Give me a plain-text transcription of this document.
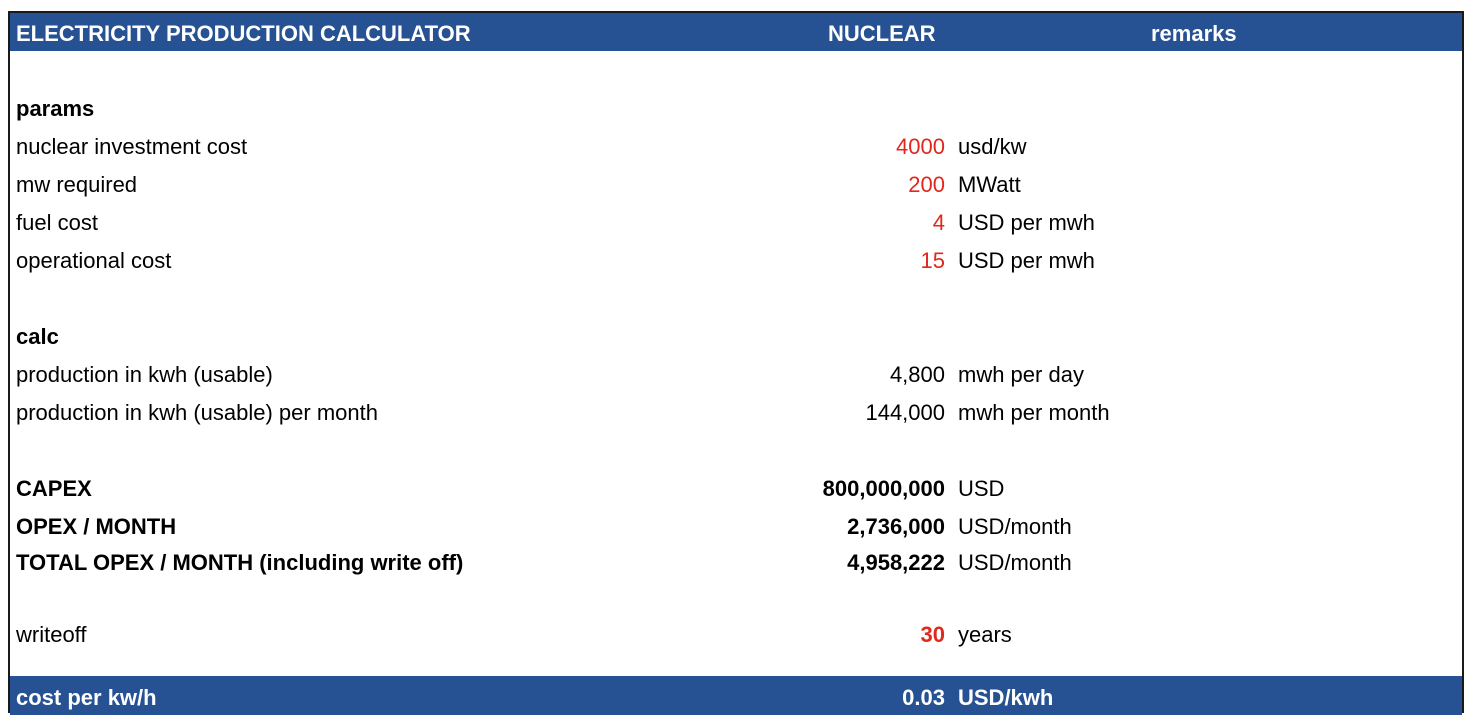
ELECTRICITY PRODUCTION CALCULATOR	NUCLEAR	remarks
params
nuclear investment cost	4000 usd/kw
mw required	200 MWatt
fuel cost	4 USD per mwh
operational cost	15 USD per mwh
calc
production in kwh (usable)	4,800 mwh per day
production in kwh (usable) per month	144,000 mwh per month
CAPEX	800,000,000 USD
OPEX / MONTH	2,736,000 USD/month
TOTAL OPEX / MONTH (including write off)	4,958,222 USD/month
writeoff	30 years
cost per kw/h	0.03 USD/kwh
